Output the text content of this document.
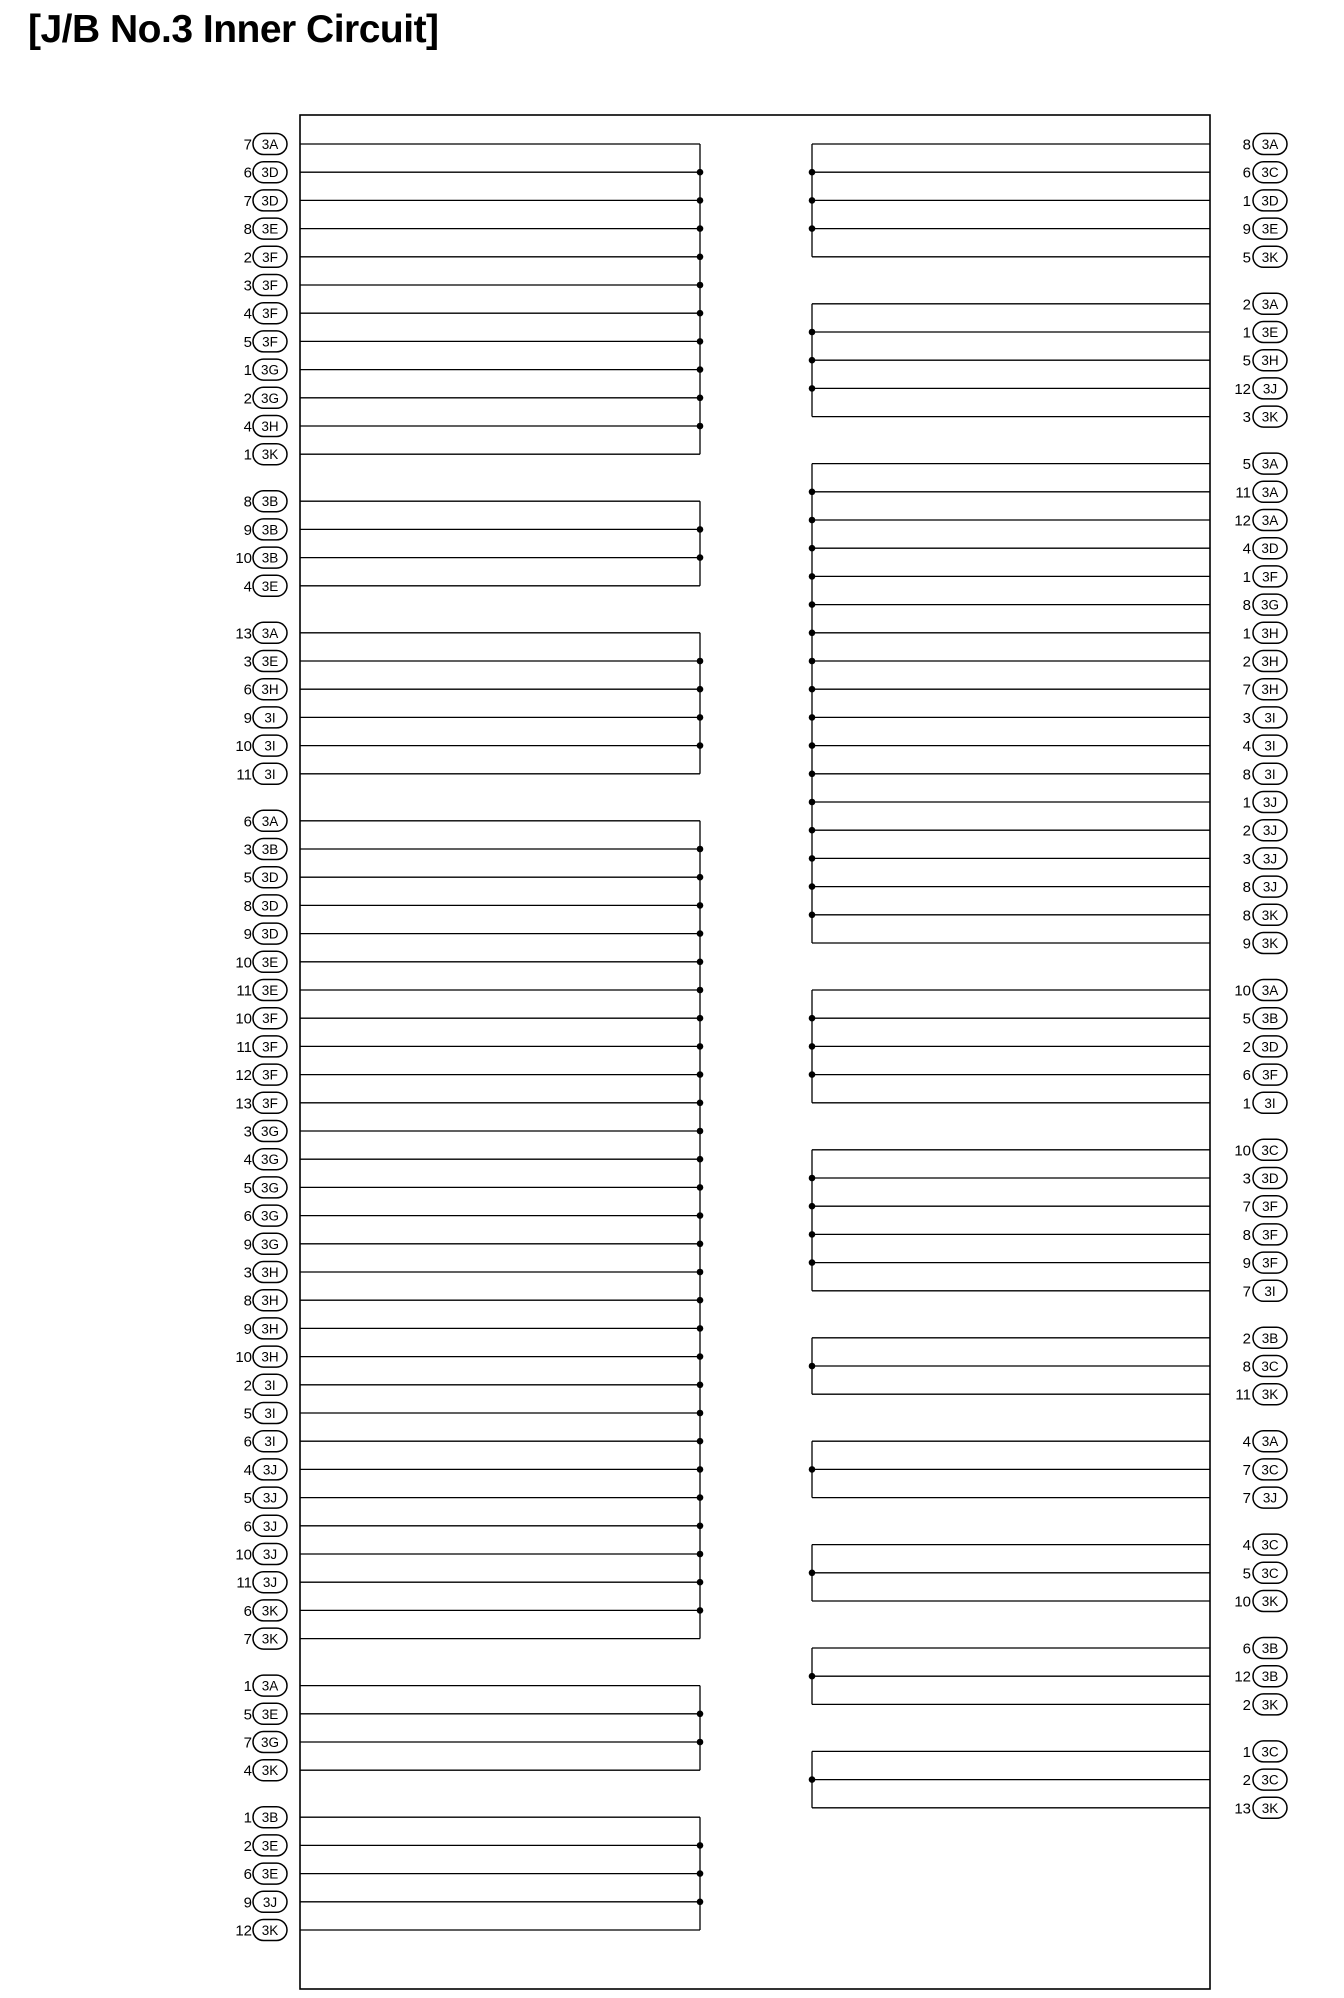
[J/B No.3 Inner Circuit]
7 3A
6 3D
7 3D
8 3E
2 3F
3 3F
4 3F
5 3F
1 3G
2 3G
4 3H
1 3K
8 3B
9 3B
10 3B
4 3E
13 3A
3 3E
6 3H
9 3I
10 3I
11 3I
6 3A
3 3B
5 3D
8 3D
9 3D
10 3E
11 3E
10 3F
11 3F
12 3F
13 3F
3 3G
4 3G
5 3G
6 3G
9 3G
3 3H
8 3H
9 3H
10 3H
2 3I
5 3I
6 3I
4 3J
5 3J
6 3J
10 3J
11 3J
6 3K
7 3K
1 3A
5 3E
7 3G
4 3K
1 3B
2 3E
6 3E
9 3J
12 3K
8 3A
6 3C
1 3D
9 3E
5 3K
2 3A
1 3E
5 3H
12 3J
3 3K
5 3A
11 3A
12 3A
4 3D
1 3F
8 3G
1 3H
2 3H
7 3H
3 3I
4 3I
8 3I
1 3J
2 3J
3 3J
8 3J
8 3K
9 3K
10 3A
5 3B
2 3D
6 3F
1 3I
10 3C
3 3D
7 3F
8 3F
9 3F
7 3I
2 3B
8 3C
11 3K
4 3A
7 3C
7 3J
4 3C
5 3C
10 3K
6 3B
12 3B
2 3K
1 3C
2 3C
13 3K
